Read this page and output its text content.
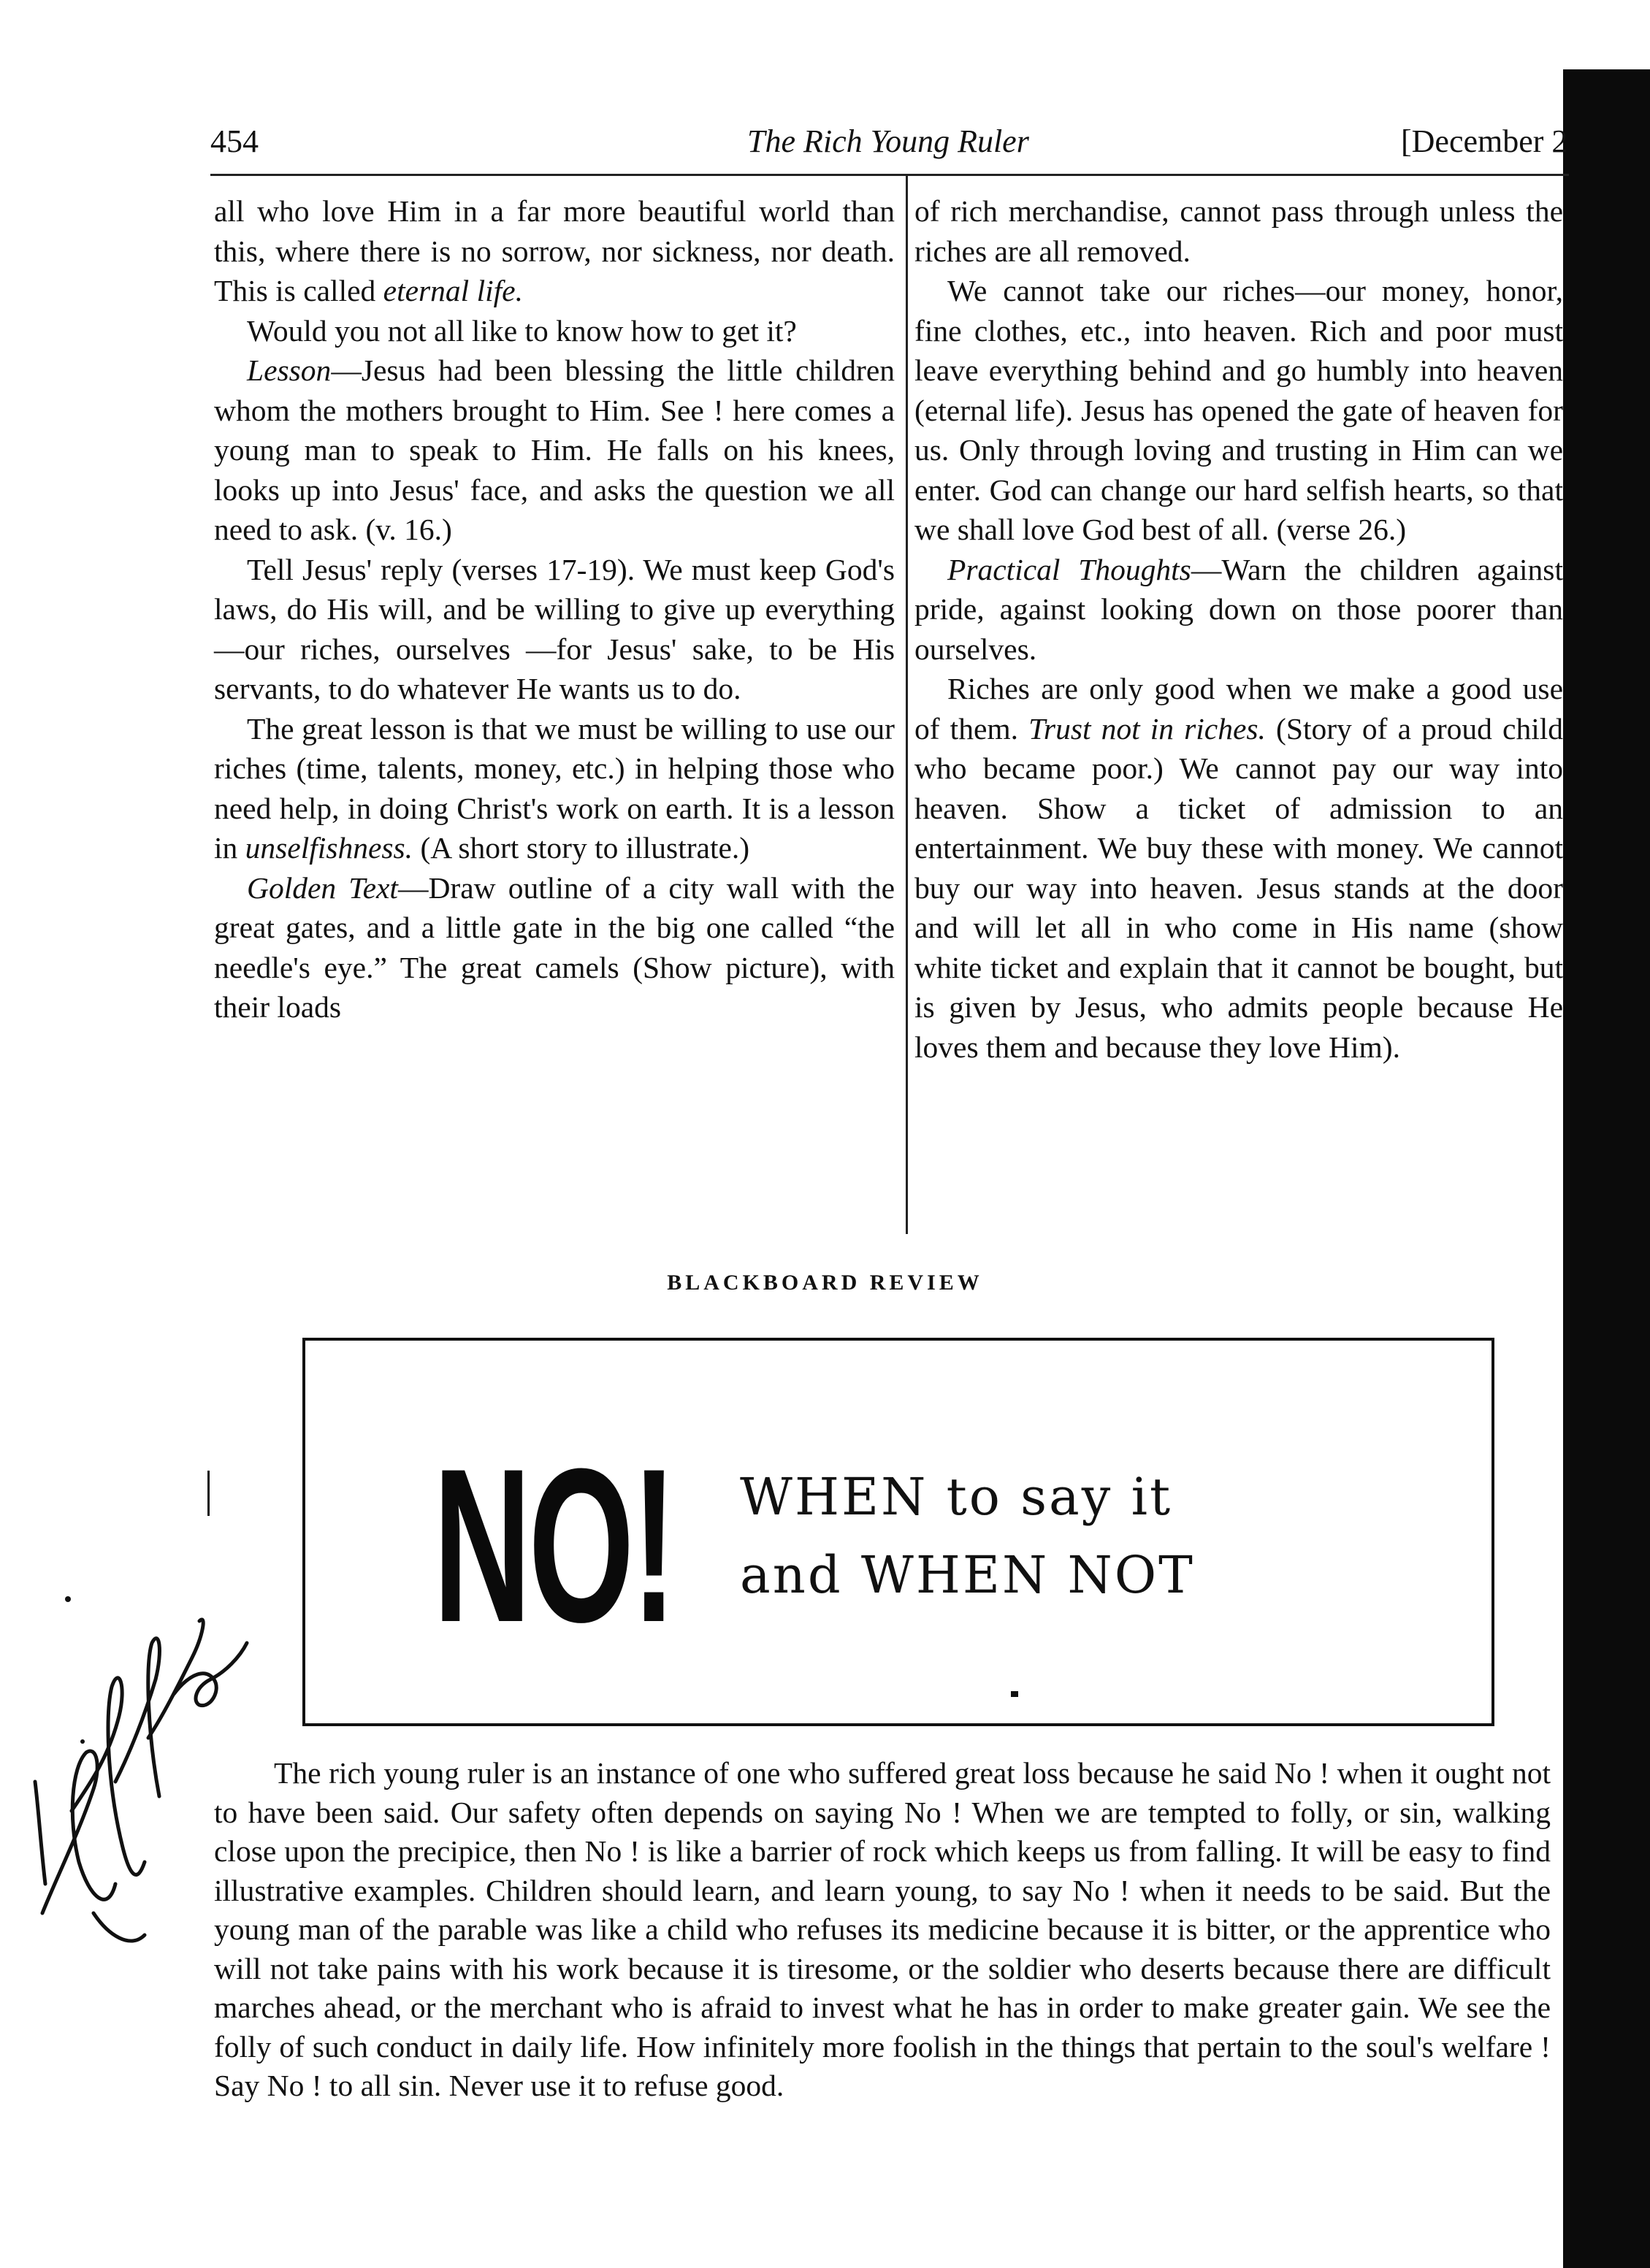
454	The Rich Young Ruler	[December 2

all who love Him in a far more beautiful world than this, where there is no sorrow, nor sickness, nor death. This is called eternal life.

Would you not all like to know how to get it?

Lesson—Jesus had been blessing the little children whom the mothers brought to Him. See ! here comes a young man to speak to Him. He falls on his knees, looks up into Jesus' face, and asks the question we all need to ask. (v. 16.)

Tell Jesus' reply (verses 17-19). We must keep God's laws, do His will, and be willing to give up everything—our riches, ourselves —for Jesus' sake, to be His servants, to do whatever He wants us to do.

The great lesson is that we must be willing to use our riches (time, talents, money, etc.) in helping those who need help, in doing Christ's work on earth. It is a lesson in unselfishness. (A short story to illustrate.)

Golden Text—Draw outline of a city wall with the great gates, and a little gate in the big one called “the needle's eye.” The great camels (Show picture), with their loads

of rich merchandise, cannot pass through unless the riches are all removed.

We cannot take our riches—our money, honor, fine clothes, etc., into heaven. Rich and poor must leave everything behind and go humbly into heaven (eternal life). Jesus has opened the gate of heaven for us. Only through loving and trusting in Him can we enter. God can change our hard selfish hearts, so that we shall love God best of all. (verse 26.)

Practical Thoughts—Warn the children against pride, against looking down on those poorer than ourselves.

Riches are only good when we make a good use of them. Trust not in riches. (Story of a proud child who became poor.) We cannot pay our way into heaven. Show a ticket of admission to an entertainment. We buy these with money. We cannot buy our way into heaven. Jesus stands at the door and will let all in who come in His name (show white ticket and explain that it cannot be bought, but is given by Jesus, who admits people because He loves them and because they love Him).

BLACKBOARD REVIEW
NO! WHEN to say it
and WHEN NOT

The rich young ruler is an instance of one who suffered great loss because he said No ! when it ought not to have been said. Our safety often depends on saying No ! When we are tempted to folly, or sin, walking close upon the precipice, then No ! is like a barrier of rock which keeps us from falling. It will be easy to find illustrative examples. Children should learn, and learn young, to say No ! when it needs to be said. But the young man of the parable was like a child who refuses its medicine because it is bitter, or the apprentice who will not take pains with his work because it is tiresome, or the soldier who deserts because there are difficult marches ahead, or the merchant who is afraid to invest what he has in order to make greater gain. We see the folly of such conduct in daily life. How infinitely more foolish in the things that pertain to the soul's welfare ! Say No ! to all sin. Never use it to refuse good.
